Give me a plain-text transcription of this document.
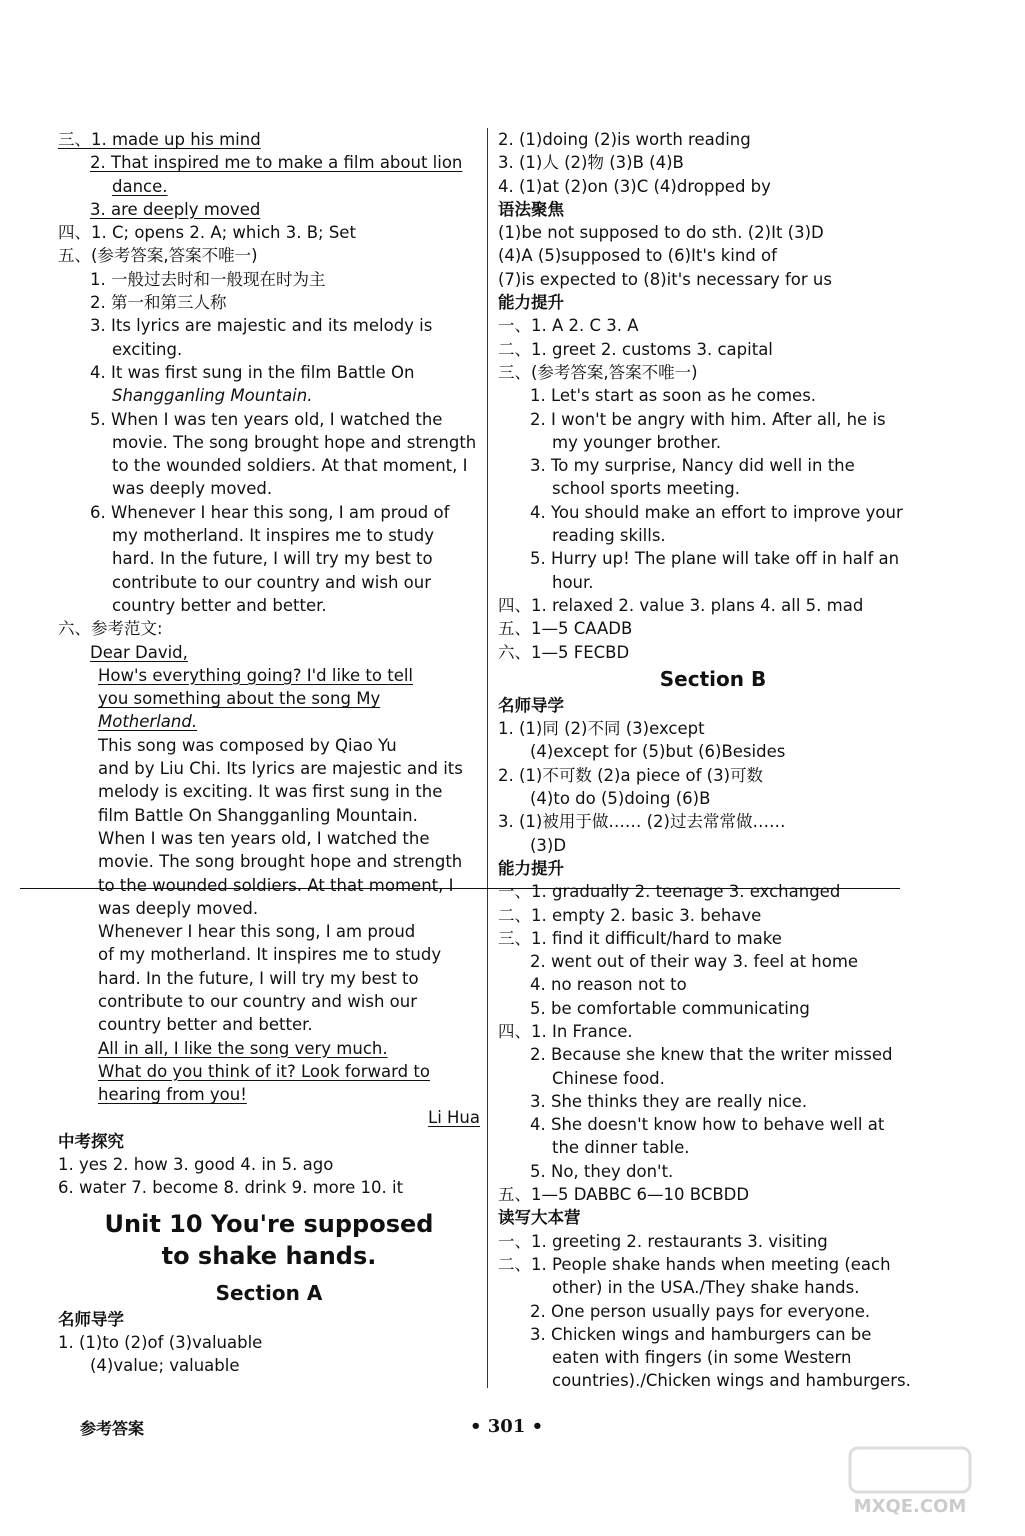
三、1. made up his mind
2. That inspired me to make a film about lion
dance.
3. are deeply moved
四、1. C; opens 2. A; which 3. B; Set
五、(参考答案,答案不唯一)
1. 一般过去时和一般现在时为主
2. 第一和第三人称
3. Its lyrics are majestic and its melody is
exciting.
4. It was first sung in the film Battle On
Shangganling Mountain.
5. When I was ten years old, I watched the
movie. The song brought hope and strength
to the wounded soldiers. At that moment, I
was deeply moved.
6. Whenever I hear this song, I am proud of
my motherland. It inspires me to study
hard. In the future, I will try my best to
contribute to our country and wish our
country better and better.
六、参考范文:
Dear David,
How's everything going? I'd like to tell
you something about the song My
Motherland.
This song was composed by Qiao Yu
and by Liu Chi. Its lyrics are majestic and its
melody is exciting. It was first sung in the
film Battle On Shangganling Mountain.
When I was ten years old, I watched the
movie. The song brought hope and strength
to the wounded soldiers. At that moment, I
was deeply moved.
Whenever I hear this song, I am proud
of my motherland. It inspires me to study
hard. In the future, I will try my best to
contribute to our country and wish our
country better and better.
All in all, I like the song very much.
What do you think of it? Look forward to
hearing from you!
Li Hua
中考探究
1. yes 2. how 3. good 4. in 5. ago
6. water 7. become 8. drink 9. more 10. it
Unit 10 You're supposed
to shake hands.
Section A
名师导学
1. (1)to (2)of (3)valuable
(4)value; valuable
2. (1)doing (2)is worth reading
3. (1)人 (2)物 (3)B (4)B
4. (1)at (2)on (3)C (4)dropped by
语法聚焦
(1)be not supposed to do sth. (2)It (3)D
(4)A (5)supposed to (6)It's kind of
(7)is expected to (8)it's necessary for us
能力提升
一、1. A 2. C 3. A
二、1. greet 2. customs 3. capital
三、(参考答案,答案不唯一)
1. Let's start as soon as he comes.
2. I won't be angry with him. After all, he is
my younger brother.
3. To my surprise, Nancy did well in the
school sports meeting.
4. You should make an effort to improve your
reading skills.
5. Hurry up! The plane will take off in half an
hour.
四、1. relaxed 2. value 3. plans 4. all 5. mad
五、1—5 CAADB
六、1—5 FECBD
Section B
名师导学
1. (1)同 (2)不同 (3)except
(4)except for (5)but (6)Besides
2. (1)不可数 (2)a piece of (3)可数
(4)to do (5)doing (6)B
3. (1)被用于做…… (2)过去常常做……
(3)D
能力提升
一、1. gradually 2. teenage 3. exchanged
二、1. empty 2. basic 3. behave
三、1. find it difficult/hard to make
2. went out of their way 3. feel at home
4. no reason not to
5. be comfortable communicating
四、1. In France.
2. Because she knew that the writer missed
Chinese food.
3. She thinks they are really nice.
4. She doesn't know how to behave well at
the dinner table.
5. No, they don't.
五、1—5 DABBC 6—10 BCBDD
读写大本营
一、1. greeting 2. restaurants 3. visiting
二、1. People shake hands when meeting (each
other) in the USA./They shake hands.
2. One person usually pays for everyone.
3. Chicken wings and hamburgers can be
eaten with fingers (in some Western
countries)./Chicken wings and hamburgers.
参考答案	• 301 •
MXQE.COM
